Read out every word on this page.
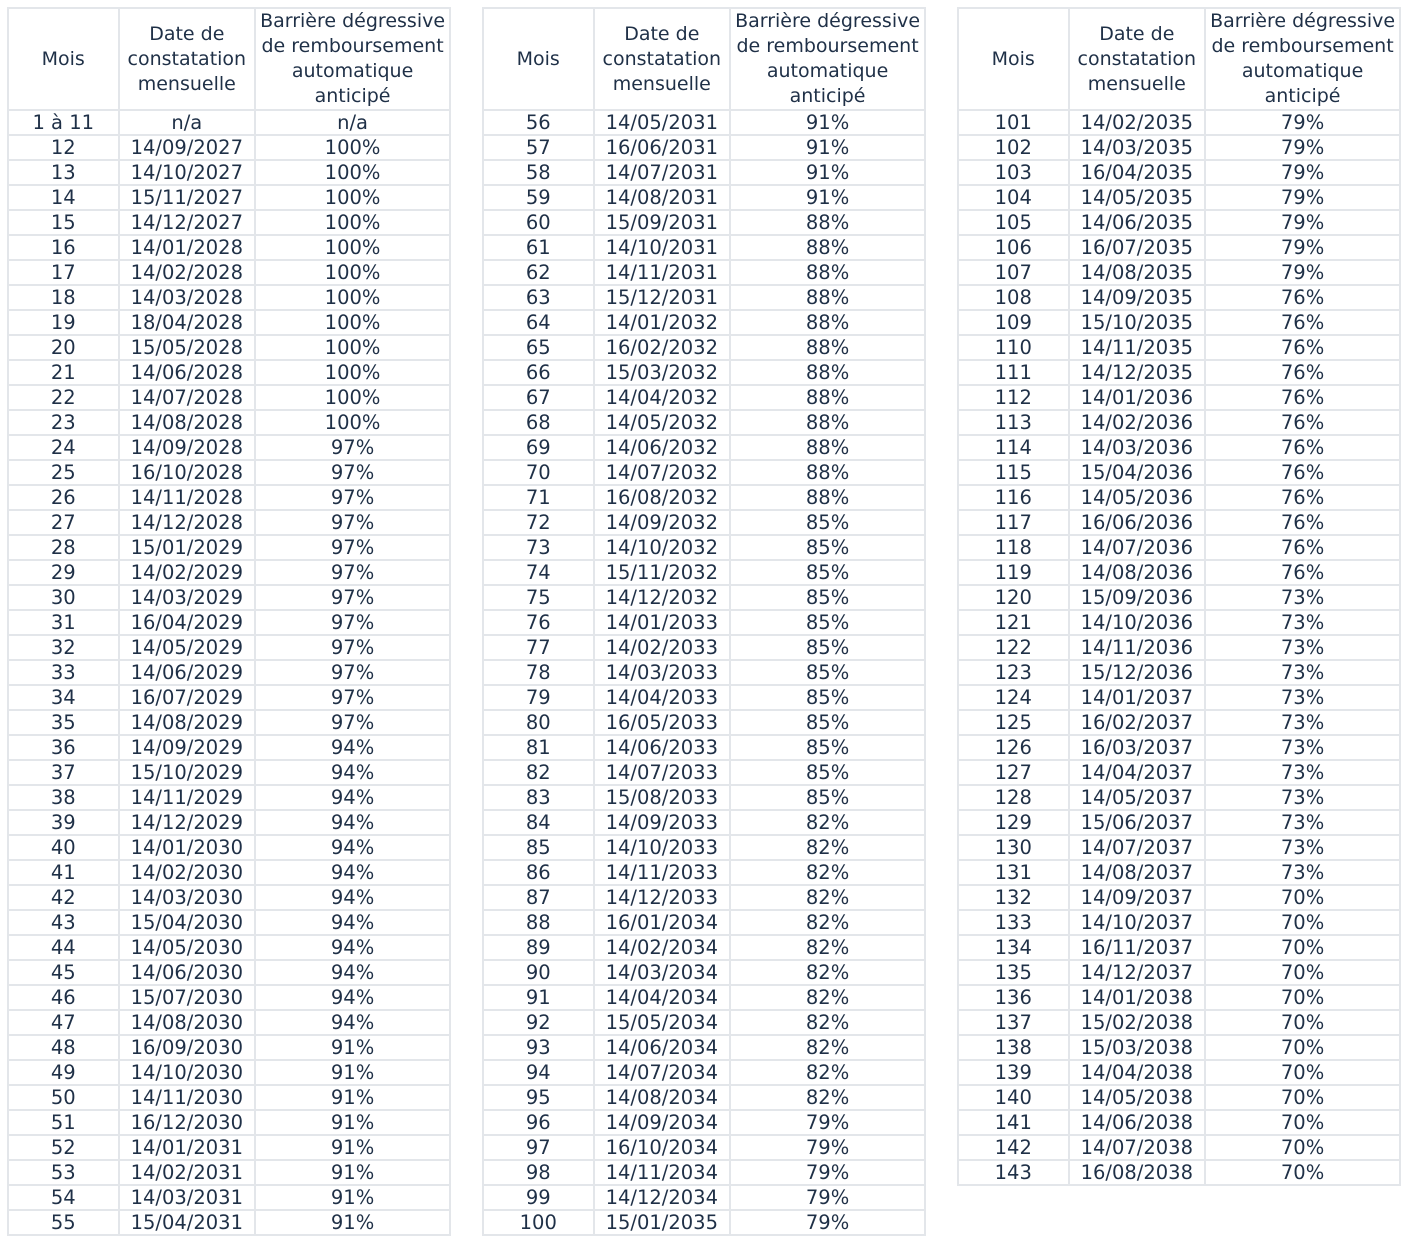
Mois	Date de constatation mensuelle	Barrière dégressive de remboursement automatique anticipé
1 à 11	n/a	n/a
12	14/09/2027	100%
13	14/10/2027	100%
14	15/11/2027	100%
15	14/12/2027	100%
16	14/01/2028	100%
17	14/02/2028	100%
18	14/03/2028	100%
19	18/04/2028	100%
20	15/05/2028	100%
21	14/06/2028	100%
22	14/07/2028	100%
23	14/08/2028	100%
24	14/09/2028	97%
25	16/10/2028	97%
26	14/11/2028	97%
27	14/12/2028	97%
28	15/01/2029	97%
29	14/02/2029	97%
30	14/03/2029	97%
31	16/04/2029	97%
32	14/05/2029	97%
33	14/06/2029	97%
34	16/07/2029	97%
35	14/08/2029	97%
36	14/09/2029	94%
37	15/10/2029	94%
38	14/11/2029	94%
39	14/12/2029	94%
40	14/01/2030	94%
41	14/02/2030	94%
42	14/03/2030	94%
43	15/04/2030	94%
44	14/05/2030	94%
45	14/06/2030	94%
46	15/07/2030	94%
47	14/08/2030	94%
48	16/09/2030	91%
49	14/10/2030	91%
50	14/11/2030	91%
51	16/12/2030	91%
52	14/01/2031	91%
53	14/02/2031	91%
54	14/03/2031	91%
55	15/04/2031	91%
Mois	Date de constatation mensuelle	Barrière dégressive de remboursement automatique anticipé
56	14/05/2031	91%
57	16/06/2031	91%
58	14/07/2031	91%
59	14/08/2031	91%
60	15/09/2031	88%
61	14/10/2031	88%
62	14/11/2031	88%
63	15/12/2031	88%
64	14/01/2032	88%
65	16/02/2032	88%
66	15/03/2032	88%
67	14/04/2032	88%
68	14/05/2032	88%
69	14/06/2032	88%
70	14/07/2032	88%
71	16/08/2032	88%
72	14/09/2032	85%
73	14/10/2032	85%
74	15/11/2032	85%
75	14/12/2032	85%
76	14/01/2033	85%
77	14/02/2033	85%
78	14/03/2033	85%
79	14/04/2033	85%
80	16/05/2033	85%
81	14/06/2033	85%
82	14/07/2033	85%
83	15/08/2033	85%
84	14/09/2033	82%
85	14/10/2033	82%
86	14/11/2033	82%
87	14/12/2033	82%
88	16/01/2034	82%
89	14/02/2034	82%
90	14/03/2034	82%
91	14/04/2034	82%
92	15/05/2034	82%
93	14/06/2034	82%
94	14/07/2034	82%
95	14/08/2034	82%
96	14/09/2034	79%
97	16/10/2034	79%
98	14/11/2034	79%
99	14/12/2034	79%
100	15/01/2035	79%
Mois	Date de constatation mensuelle	Barrière dégressive de remboursement automatique anticipé
101	14/02/2035	79%
102	14/03/2035	79%
103	16/04/2035	79%
104	14/05/2035	79%
105	14/06/2035	79%
106	16/07/2035	79%
107	14/08/2035	79%
108	14/09/2035	76%
109	15/10/2035	76%
110	14/11/2035	76%
111	14/12/2035	76%
112	14/01/2036	76%
113	14/02/2036	76%
114	14/03/2036	76%
115	15/04/2036	76%
116	14/05/2036	76%
117	16/06/2036	76%
118	14/07/2036	76%
119	14/08/2036	76%
120	15/09/2036	73%
121	14/10/2036	73%
122	14/11/2036	73%
123	15/12/2036	73%
124	14/01/2037	73%
125	16/02/2037	73%
126	16/03/2037	73%
127	14/04/2037	73%
128	14/05/2037	73%
129	15/06/2037	73%
130	14/07/2037	73%
131	14/08/2037	73%
132	14/09/2037	70%
133	14/10/2037	70%
134	16/11/2037	70%
135	14/12/2037	70%
136	14/01/2038	70%
137	15/02/2038	70%
138	15/03/2038	70%
139	14/04/2038	70%
140	14/05/2038	70%
141	14/06/2038	70%
142	14/07/2038	70%
143	16/08/2038	70%
